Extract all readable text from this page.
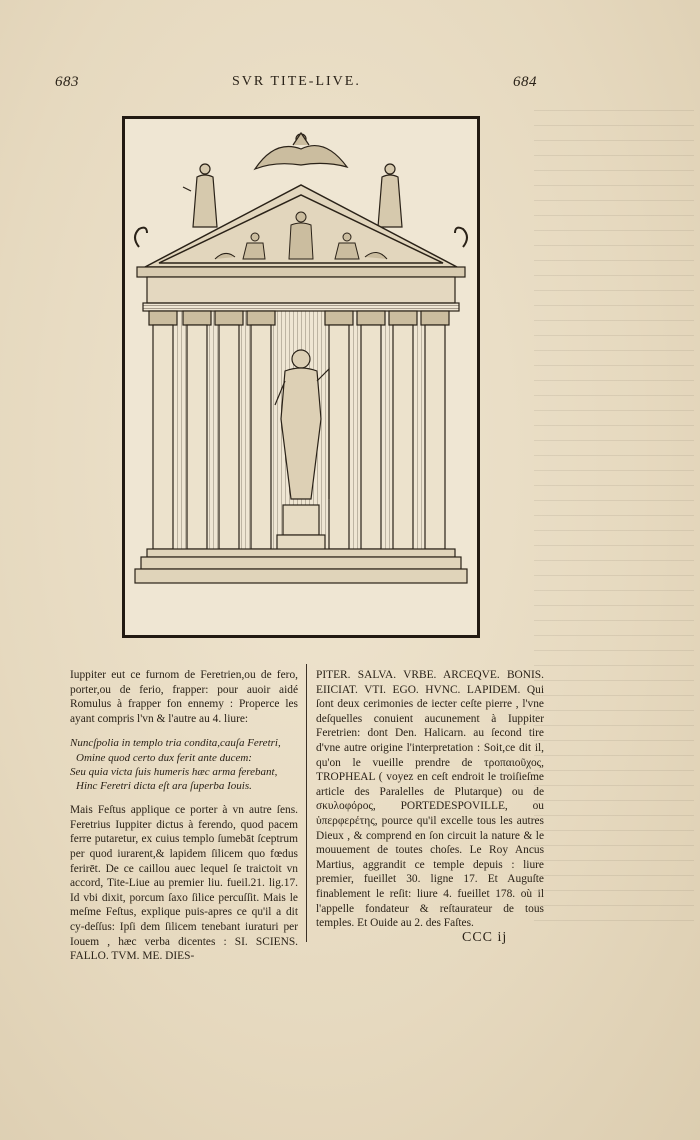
683	SVR TITE-LIVE.	684

Iuppiter eut ce furnom de Feretrien,ou de fero, porter,ou de ferio, frapper: pour auoir aidé Romulus à frapper fon ennemy : Properce les ayant compris l'vn & l'autre au 4. liure:

Nuncſpolia in templo tria condita,cauſa Feretri,
Omine quod certo dux ferit ante ducem:
Seu quia victa ſuis humeris hæc arma ferebant,
Hinc Feretri dicta eſt ara ſuperba Iouis.

Mais Feſtus applique ce porter à vn autre ſens. Feretrius Iuppiter dictus à ferendo, quod pacem ferre putaretur, ex cuius templo ſumebāt ſceptrum per quod iurarent,& lapidem ſilicem quo fœdus ferirēt. De ce caillou auec lequel ſe traictoit vn accord, Tite-Liue au premier liu. fueil.21. lig.17. Id vbi dixit, porcum ſaxo ſilice percuſſit. Mais le meſme Feſtus, explique puis-apres ce qu'il a dit cy-deſſus: Ipſi dem ſilicem tenebant iuraturi per Iouem , hæc verba dicentes : SI. SCIENS. FALLO. TVM. ME. DIES-

PITER. SALVA. VRBE. ARCEQVE. BONIS. EIICIAT. VTI. EGO. HVNC. LAPIDEM. Qui ſont deux cerimonies de iecter ceſte pierre , l'vne deſquelles conuient aucunement à Iuppiter Feretrien: dont Den. Halicarn. au ſecond tire d'vne autre origine l'interpretation : Soit,ce dit il, qu'on le vueille prendre de τροπαιοῦχος, TROPHEAL ( voyez en ceſt endroit le troiſieſme article des Paralelles de Plutarque) ou de σκυλοφόρος, PORTEDESPOVILLE, ou ὑπερφερέτης, pource qu'il excelle tous les autres Dieux , & comprend en ſon circuit la nature & le mouuement de toutes choſes. Le Roy Ancus Martius, aggrandit ce temple depuis : liure premier, fueillet 30. ligne 17. Et Auguſte finablement le reſit: liure 4. fueillet 178. où il l'appelle fondateur & reſtaurateur de tous temples. Et Ouide au 2. des Faſtes.

CCC ij
